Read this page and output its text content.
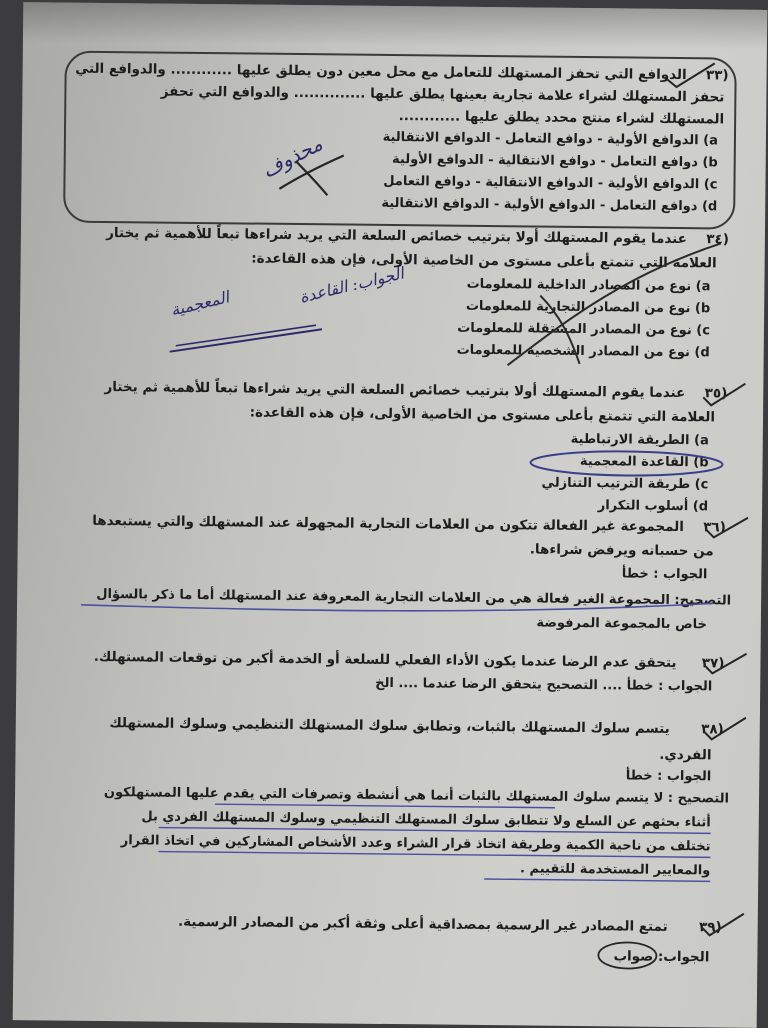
(٣٣
الدوافع التي تحفز المستهلك للتعامل مع محل معين دون يطلق عليها ............ والدوافع التي
تحفز المستهلك لشراء علامة تجارية بعينها يطلق عليها .............. والدوافع التي تحفز
المستهلك لشراء منتج محدد يطلق عليها ............
a) الدوافع الأولية - دوافع التعامل - الدوافع الانتقالية
b) دوافع التعامل - دوافع الانتقالية - الدوافع الأولية
c) الدوافع الأولية - الدوافع الانتقالية - دوافع التعامل
d) دوافع التعامل - الدوافع الأولية - الدوافع الانتقالية
محذوف
(٣٤
عندما يقوم المستهلك أولا بترتيب خصائص السلعة التي يريد شراءها تبعاً للأهمية ثم يختار
العلامة التي تتمتع بأعلى مستوى من الخاصية الأولى، فإن هذه القاعدة:
a) نوع من المصادر الداخلية للمعلومات
b) نوع من المصادر التجارية للمعلومات
c) نوع من المصادر المستقلة للمعلومات
d) نوع من المصادر الشخصية للمعلومات
الجواب: القاعدة
المعجمية
(٣٥
عندما يقوم المستهلك أولا بترتيب خصائص السلعة التي يريد شراءها تبعاً للأهمية ثم يختار
العلامة التي تتمتع بأعلى مستوى من الخاصية الأولى، فإن هذه القاعدة:
a) الطريقة الارتباطية
b) القاعدة المعجمية
c) طريقة الترتيب التنازلي
d) أسلوب التكرار
(٣٦
المجموعة غير الفعالة تتكون من العلامات التجارية المجهولة عند المستهلك والتي يستبعدها
من حسبانه ويرفض شراءها.
الجواب : خطأ
التصحيح: المجموعة الغير فعالة هي من العلامات التجارية المعروفة عند المستهلك أما ما ذكر بالسؤال
خاص بالمجموعة المرفوضة
(٣٧
يتحقق عدم الرضا عندما يكون الأداء الفعلي للسلعة أو الخدمة أكبر من توقعات المستهلك.
الجواب : خطأ .... التصحيح يتحقق الرضا عندما .... الخ
(٣٨
يتسم سلوك المستهلك بالثبات، وتطابق سلوك المستهلك التنظيمي وسلوك المستهلك
الفردي.
الجواب : خطأ
التصحيح : لا يتسم سلوك المستهلك بالثبات أنما هي أنشطة وتصرفات التي يقدم عليها المستهلكون
أثناء بحثهم عن السلع ولا تتطابق سلوك المستهلك التنظيمي وسلوك المستهلك الفردي بل
تختلف من ناحية الكمية وطريقة اتخاذ قرار الشراء وعدد الأشخاص المشاركين في اتخاذ القرار
والمعايير المستخدمة للتقييم .
(٣٩
تمتع المصادر غير الرسمية بمصداقية أعلى وثقة أكبر من المصادر الرسمية.
الجواب: صواب
